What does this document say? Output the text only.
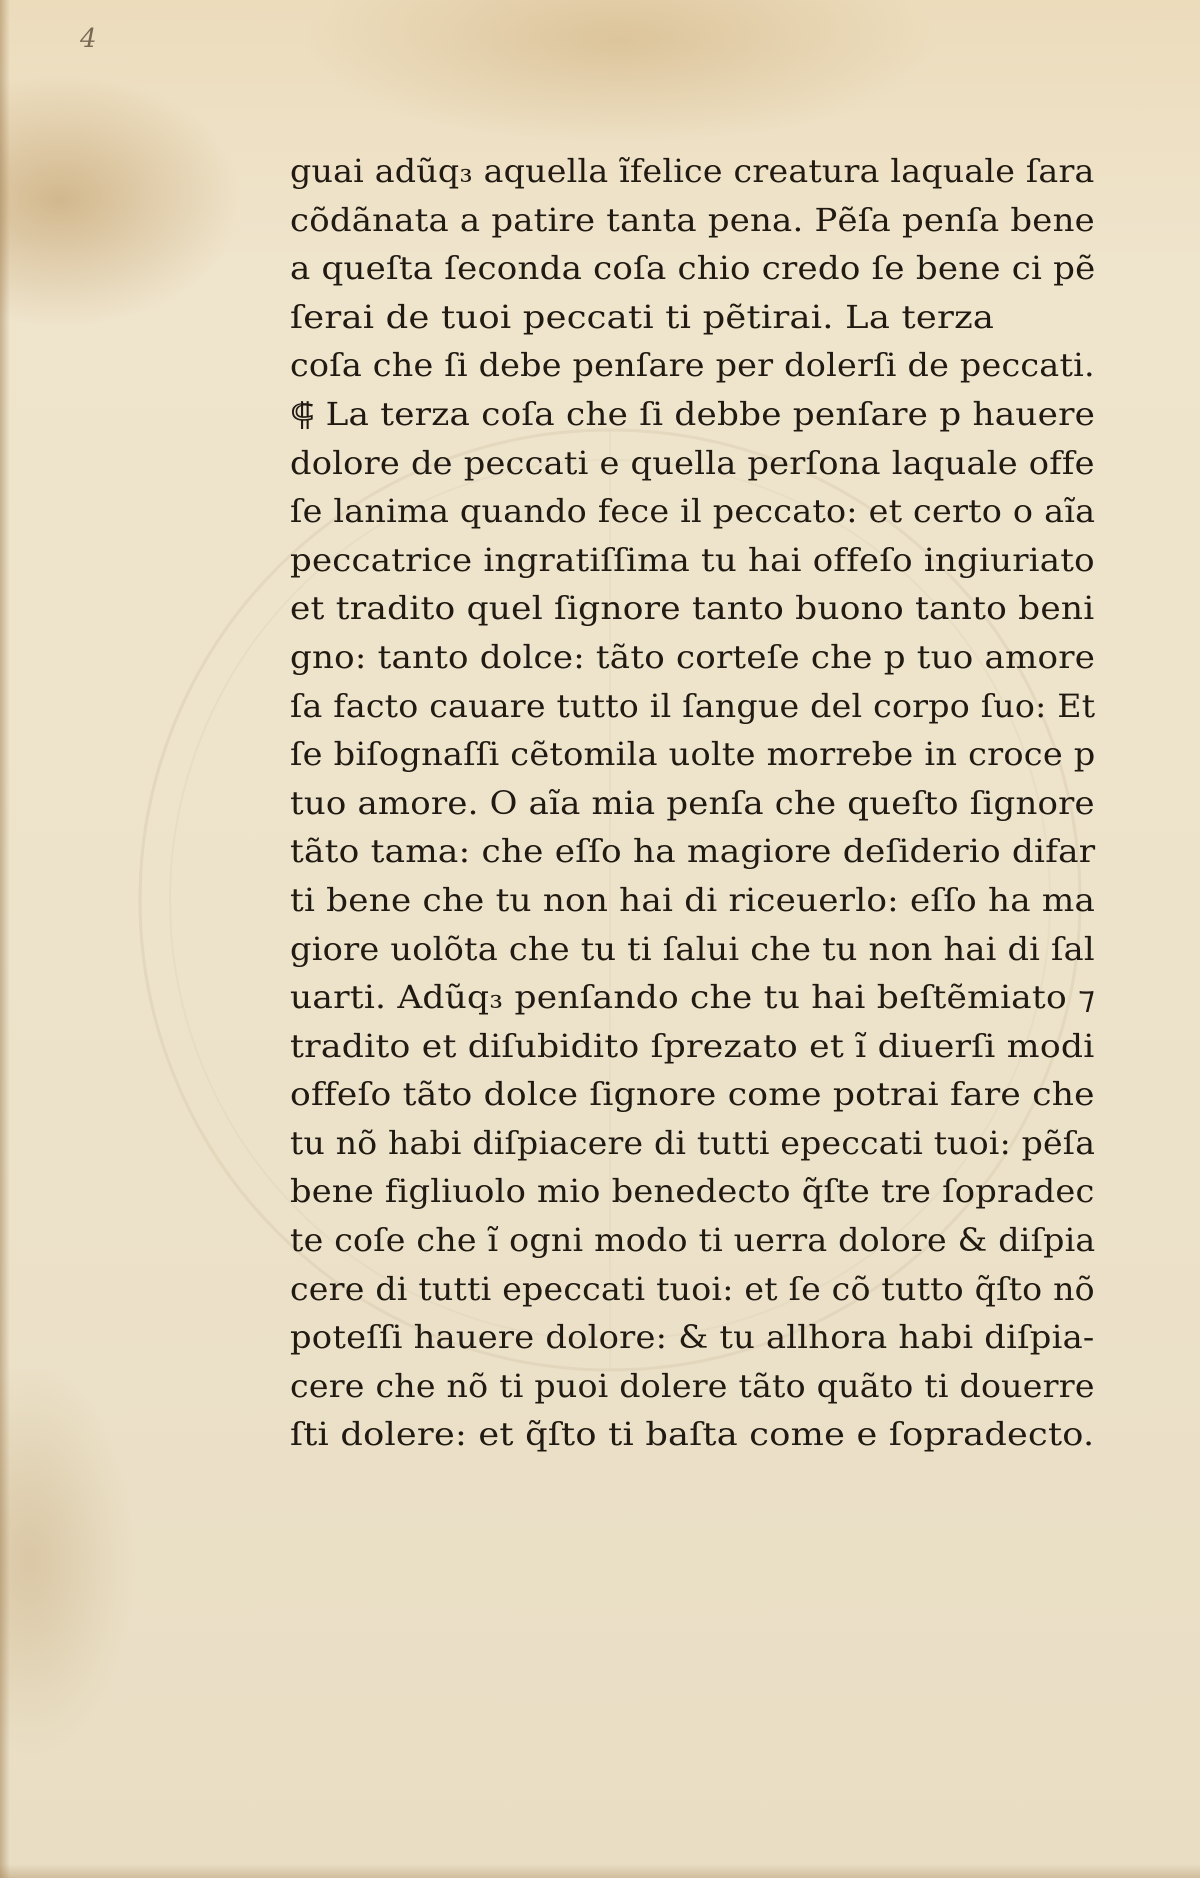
4

guai adũq₃ aquella ĩfelice creatura laquale ſara
cõdãnata a patire tanta pena. Pẽſa penſa bene
a queſta ſeconda coſa chio credo ſe bene ci pẽ
ſerai de tuoi peccati ti pẽtirai. La terza
coſa che ſi debe penſare per dolerſi de peccati.
⸿ La terza coſa che ſi debbe penſare p hauere
dolore de peccati e quella perſona laquale offe
ſe lanima quando fece il peccato: et certo o aĩa
peccatrice ingratiſſima tu hai offeſo ingiuriato
et tradito quel ſignore tanto buono tanto beni
gno: tanto dolce: tãto corteſe che p tuo amore
ſa facto cauare tutto il ſangue del corpo ſuo: Et
ſe biſognaſſi cẽtomila uolte morrebe in croce p
tuo amore. O aĩa mia penſa che queſto ſignore
tãto tama: che eſſo ha magiore deſiderio difar
ti bene che tu non hai di riceuerlo: eſſo ha ma
giore uolõta che tu ti ſalui che tu non hai di ſal
uarti. Adũq₃ penſando che tu hai beſtẽmiato ⁊
tradito et diſubidito ſprezato et ĩ diuerſi modi
offeſo tãto dolce ſignore come potrai fare che
tu nõ habi diſpiacere di tutti epeccati tuoi: pẽſa
bene figliuolo mio benedecto q̃ſte tre ſopradec
te coſe che ĩ ogni modo ti uerra dolore & diſpia
cere di tutti epeccati tuoi: et ſe cõ tutto q̃ſto nõ
poteſſi hauere dolore: & tu allhora habi diſpia-
cere che nõ ti puoi dolere tãto quãto ti douerre
ſti dolere: et q̃ſto ti baſta come e ſopradecto.
